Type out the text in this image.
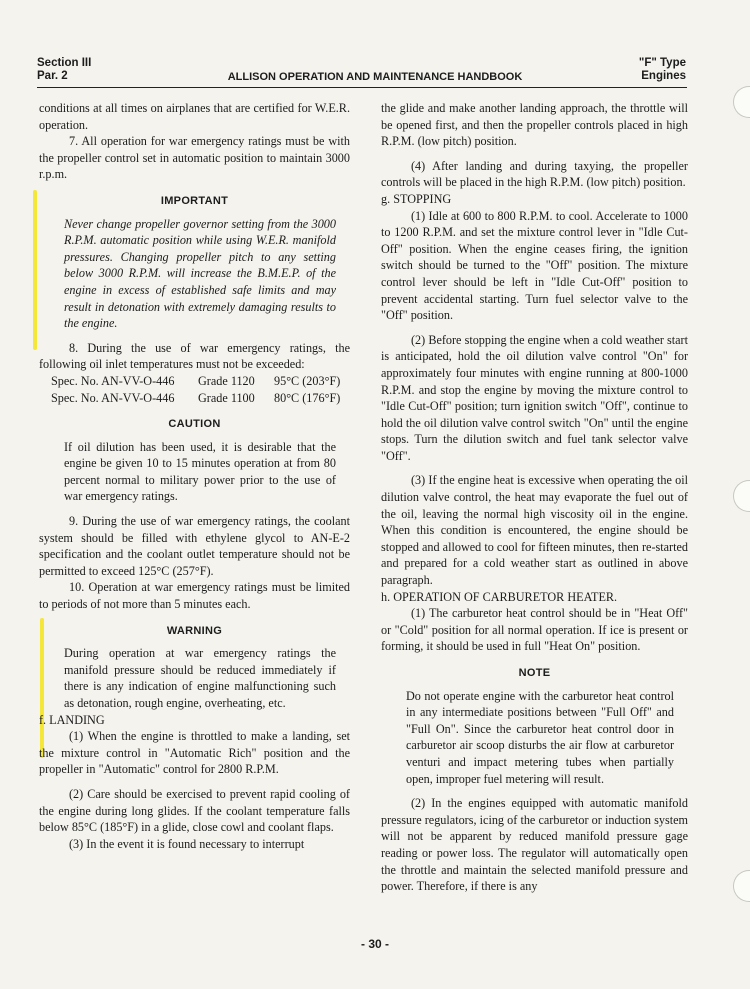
Section III
Par. 2	ALLISON OPERATION AND MAINTENANCE HANDBOOK
"F" Type
Engines

conditions at all times on airplanes that are certified for W.E.R. operation.

7. All operation for war emergency ratings must be with the propeller control set in automatic position to maintain 3000 r.p.m.

IMPORTANT

Never change propeller governor setting from the 3000 R.P.M. automatic position while using W.E.R. manifold pressures. Changing propeller pitch to any setting below 3000 R.P.M. will increase the B.M.E.P. of the engine in excess of established safe limits and may result in detonation with extremely damaging results to the engine.

8. During the use of war emergency ratings, the following oil inlet temperatures must not be exceeded:

Spec. No. AN-VV-O-446	Grade 1120	95°C (203°F)
Spec. No. AN-VV-O-446	Grade 1100	80°C (176°F)
CAUTION

If oil dilution has been used, it is desirable that the engine be given 10 to 15 minutes operation at from 80 percent normal to military power prior to the use of war emergency ratings.

9. During the use of war emergency ratings, the coolant system should be filled with ethylene glycol to AN-E-2 specification and the coolant outlet temperature should not be permitted to exceed 125°C (257°F).

10. Operation at war emergency ratings must be limited to periods of not more than 5 minutes each.

WARNING

During operation at war emergency ratings the manifold pressure should be reduced immediately if there is any indication of engine malfunctioning such as detonation, rough engine, overheating, etc.

f. LANDING

(1) When the engine is throttled to make a landing, set the mixture control in "Automatic Rich" position and the propeller in "Automatic" control for 2800 R.P.M.

(2) Care should be exercised to prevent rapid cooling of the engine during long glides. If the coolant temperature falls below 85°C (185°F) in a glide, close cowl and coolant flaps.

(3) In the event it is found necessary to interrupt

the glide and make another landing approach, the throttle will be opened first, and then the propeller controls placed in high R.P.M. (low pitch) position.

(4) After landing and during taxying, the propeller controls will be placed in the high R.P.M. (low pitch) position.

g. STOPPING

(1) Idle at 600 to 800 R.P.M. to cool. Accelerate to 1000 to 1200 R.P.M. and set the mixture control lever in "Idle Cut-Off" position. When the engine ceases firing, the ignition switch should be turned to the "Off" position. The mixture control lever should be left in "Idle Cut-Off" position to prevent accidental starting. Turn fuel selector valve to the "Off" position.

(2) Before stopping the engine when a cold weather start is anticipated, hold the oil dilution valve control "On" for approximately four minutes with engine running at 800-1000 R.P.M. and stop the engine by moving the mixture control to "Idle Cut-Off" position; turn ignition switch "Off", continue to hold the oil dilution valve control switch "On" until the engine stops. Turn the dilution switch and fuel tank selector valve "Off".

(3) If the engine heat is excessive when operating the oil dilution valve control, the heat may evaporate the fuel out of the oil, leaving the normal high viscosity oil in the engine. When this condition is encountered, the engine should be stopped and allowed to cool for fifteen minutes, then re-started and prepared for a cold weather start as outlined in above paragraph.

h. OPERATION OF CARBURETOR HEATER.

(1) The carburetor heat control should be in "Heat Off" or "Cold" position for all normal operation. If ice is present or forming, it should be used in full "Heat On" position.

NOTE

Do not operate engine with the carburetor heat control in any intermediate positions between "Full Off" and "Full On". Since the carburetor heat control door in carburetor air scoop disturbs the air flow at carburetor venturi and impact metering tubes when partially open, improper fuel metering will result.

(2) In the engines equipped with automatic manifold pressure regulators, icing of the carburetor or induction system will not be apparent by reduced manifold pressure gage reading or power loss. The regulator will automatically open the throttle and maintain the selected manifold pressure and power. Therefore, if there is any

- 30 -
